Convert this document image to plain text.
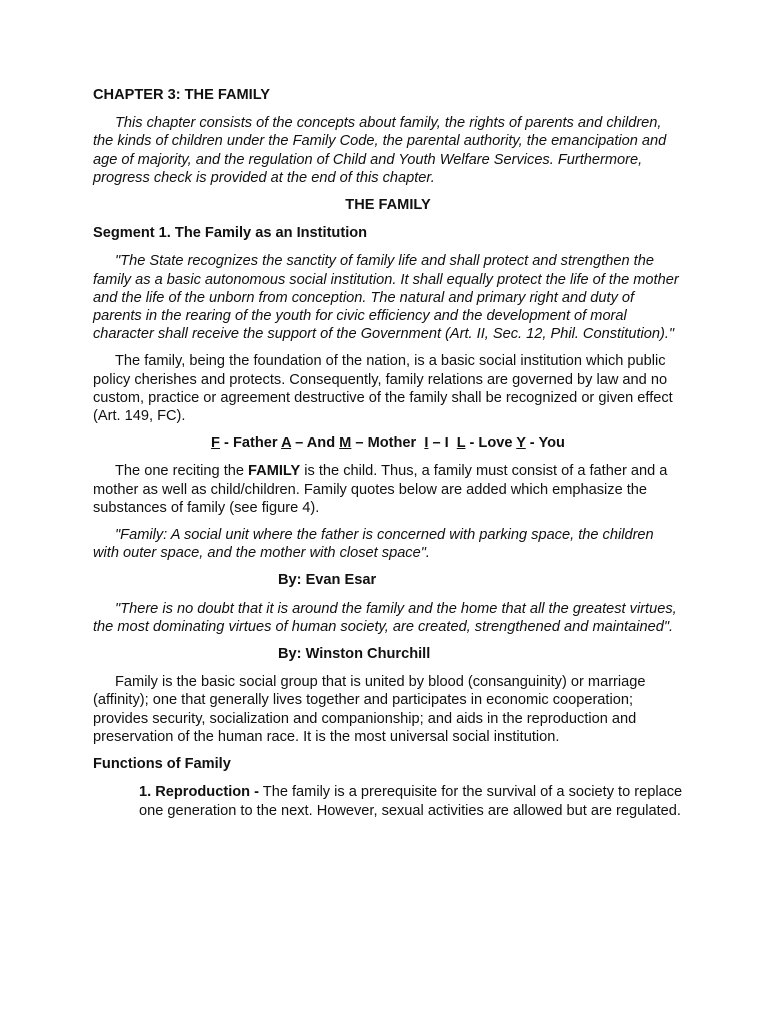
CHAPTER 3: THE FAMILY

This chapter consists of the concepts about family, the rights of parents and children, the kinds of children under the Family Code, the parental authority, the emancipation and age of majority, and the regulation of Child and Youth Welfare Services. Furthermore, progress check is provided at the end of this chapter.

THE FAMILY

Segment 1. The Family as an Institution

"The State recognizes the sanctity of family life and shall protect and strengthen the family as a basic autonomous social institution. It shall equally protect the life of the mother and the life of the unborn from conception. The natural and primary right and duty of parents in the rearing of the youth for civic efficiency and the development of moral character shall receive the support of the Government (Art. II, Sec. 12, Phil. Constitution)."

The family, being the foundation of the nation, is a basic social institution which public policy cherishes and protects. Consequently, family relations are governed by law and no custom, practice or agreement destructive of the family shall be recognized or given effect (Art. 149, FC).

F - Father A – And M – Mother  I – I  L - Love Y - You

The one reciting the FAMILY is the child. Thus, a family must consist of a father and a mother as well as child/children. Family quotes below are added which emphasize the substances of family (see figure 4).

"Family: A social unit where the father is concerned with parking space, the children with outer space, and the mother with closet space".

By: Evan Esar

"There is no doubt that it is around the family and the home that all the greatest virtues, the most dominating virtues of human society, are created, strengthened and maintained".

By: Winston Churchill

Family is the basic social group that is united by blood (consanguinity) or marriage (affinity); one that generally lives together and participates in economic cooperation; provides security, socialization and companionship; and aids in the reproduction and preservation of the human race. It is the most universal social institution.

Functions of Family

1. Reproduction - The family is a prerequisite for the survival of a society to replace one generation to the next. However, sexual activities are allowed but are regulated.
